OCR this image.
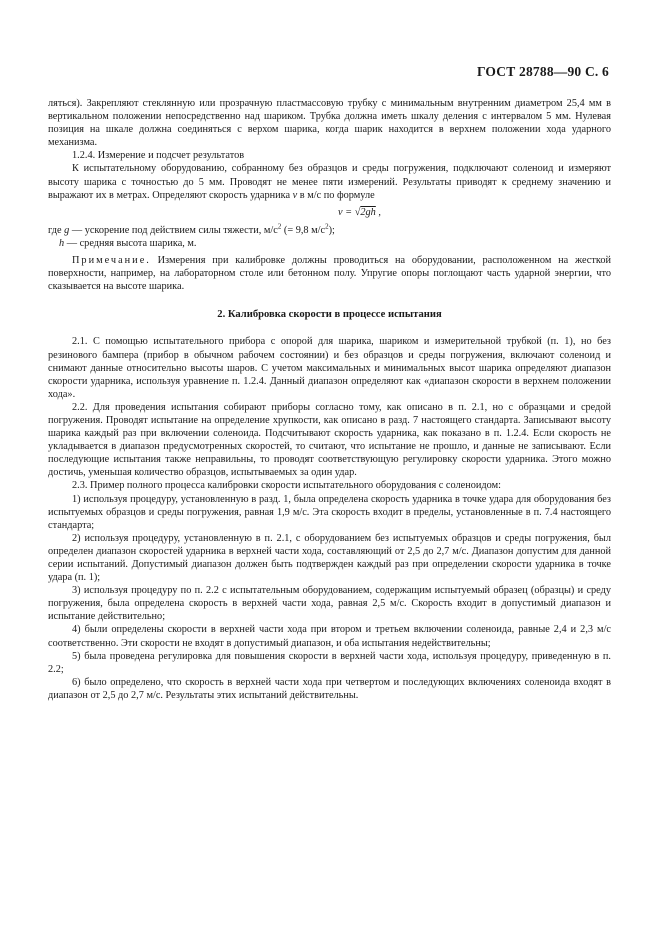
ГОСТ 28788—90 С. 6

ляться). Закрепляют стеклянную или прозрачную пластмассовую трубку с минимальным внутренним диаметром 25,4 мм в вертикальном положении непосредственно над шариком. Трубка должна иметь шкалу деления с интервалом 5 мм. Нулевая позиция на шкале должна соединяться с верхом шарика, когда шарик находится в верхнем положении хода ударного механизма.

1.2.4. Измерение и подсчет результатов

К испытательному оборудованию, собранному без образцов и среды погружения, подключают соленоид и измеряют высоту шарика с точностью до 5 мм. Проводят не менее пяти измерений. Результаты приводят к среднему значению и выражают их в метрах. Определяют скорость ударника v в м/с по формуле

v = √2gh ,

где g — ускорение под действием силы тяжести, $м/с^2$ (= 9,8 $м/с^2$);

h — средняя высота шарика, м.

Примечание. Измерения при калибровке должны проводиться на оборудовании, расположенном на жесткой поверхности, например, на лабораторном столе или бетонном полу. Упругие опоры поглощают часть ударной энергии, что сказывается на высоте шарика.

2. Калибровка скорости в процессе испытания

2.1. С помощью испытательного прибора с опорой для шарика, шариком и измерительной трубкой (п. 1), но без резинового бампера (прибор в обычном рабочем состоянии) и без образцов и среды погружения, включают соленоид и снимают данные относительно высоты шаров. С учетом максимальных и минимальных высот шарика определяют диапазон скорости ударника, используя уравнение п. 1.2.4. Данный диапазон определяют как «диапазон скорости в верхнем положении хода».

2.2. Для проведения испытания собирают приборы согласно тому, как описано в п. 2.1, но с образцами и средой погружения. Проводят испытание на определение хрупкости, как описано в разд. 7 настоящего стандарта. Записывают высоту шарика каждый раз при включении соленоида. Подсчитывают скорость ударника, как показано в п. 1.2.4. Если скорость не укладывается в диапазон предусмотренных скоростей, то считают, что испытание не прошло, и данные не записывают. Если последующие испытания также неправильны, то проводят соответствующую регулировку скорости ударника. Этого можно достичь, уменьшая количество образцов, испытываемых за один удар.

2.3. Пример полного процесса калибровки скорости испытательного оборудования с соленоидом:

1) используя процедуру, установленную в разд. 1, была определена скорость ударника в точке удара для оборудования без испытуемых образцов и среды погружения, равная 1,9 м/с. Эта скорость входит в пределы, установленные в п. 7.4 настоящего стандарта;

2) используя процедуру, установленную в п. 2.1, с оборудованием без испытуемых образцов и среды погружения, был определен диапазон скоростей ударника в верхней части хода, составляющий от 2,5 до 2,7 м/с. Диапазон допустим для данной серии испытаний. Допустимый диапазон должен быть подтвержден каждый раз при определении скорости ударника в точке удара (п. 1);

3) используя процедуру по п. 2.2 с испытательным оборудованием, содержащим испытуемый образец (образцы) и среду погружения, была определена скорость в верхней части хода, равная 2,5 м/с. Скорость входит в допустимый диапазон и испытание действительно;

4) были определены скорости в верхней части хода при втором и третьем включении соленоида, равные 2,4 и 2,3 м/с соответственно. Эти скорости не входят в допустимый диапазон, и оба испытания недействительны;

5) была проведена регулировка для повышения скорости в верхней части хода, используя процедуру, приведенную в п. 2.2;

6) было определено, что скорость в верхней части хода при четвертом и последующих включениях соленоида входят в диапазон от 2,5 до 2,7 м/с. Результаты этих испытаний действительны.
